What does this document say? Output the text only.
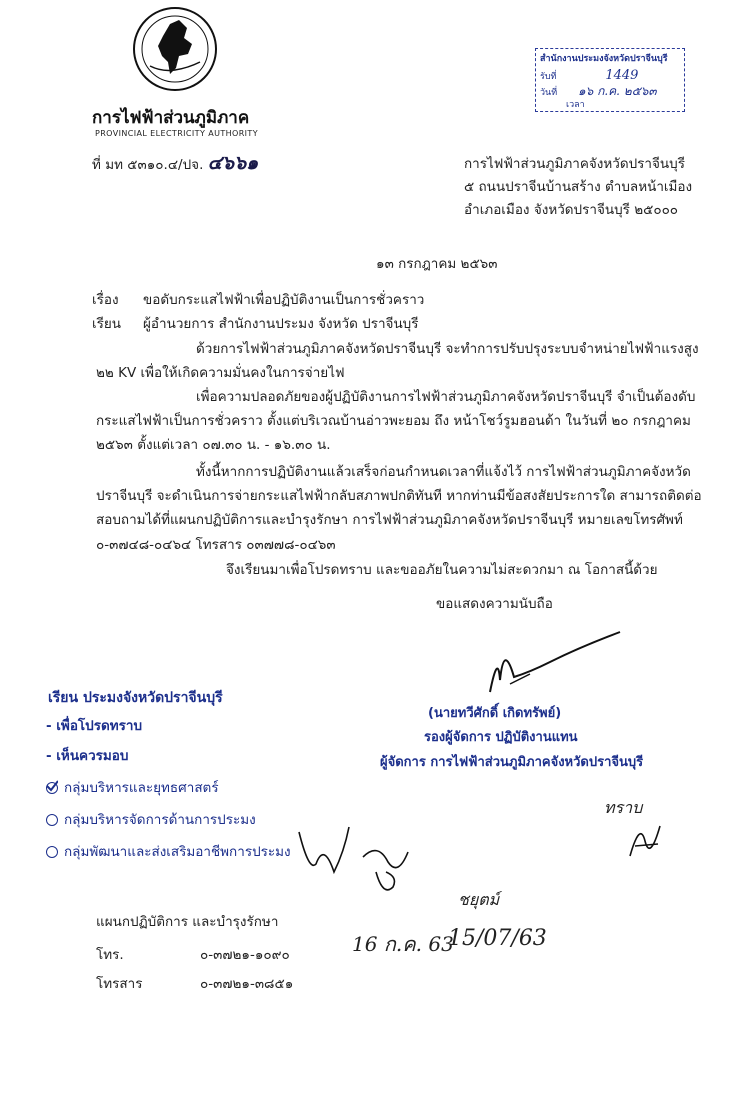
การไฟฟ้าส่วนภูมิภาค
PROVINCIAL ELECTRICITY AUTHORITY
ที่ มท ๕๓๑๐.๔/ปจ. ๔๖๖๑
สำนักงานประมงจังหวัดปราจีนบุรี
รับที่	1449
วันที่ ๑๖ ก.ค. ๒๕๖๓
เวลา
การไฟฟ้าส่วนภูมิภาคจังหวัดปราจีนบุรี
๕ ถนนปราจีนบ้านสร้าง ตำบลหน้าเมือง
อำเภอเมือง จังหวัดปราจีนบุรี ๒๕๐๐๐
๑๓ กรกฎาคม ๒๕๖๓
เรื่อง ขอดับกระแสไฟฟ้าเพื่อปฏิบัติงานเป็นการชั่วคราว
เรียน ผู้อำนวยการ สำนักงานประมง จังหวัด ปราจีนบุรี
ด้วยการไฟฟ้าส่วนภูมิภาคจังหวัดปราจีนบุรี จะทำการปรับปรุงระบบจำหน่ายไฟฟ้าแรงสูง
๒๒ KV เพื่อให้เกิดความมั่นคงในการจ่ายไฟ
เพื่อความปลอดภัยของผู้ปฏิบัติงานการไฟฟ้าส่วนภูมิภาคจังหวัดปราจีนบุรี จำเป็นต้องดับ
กระแสไฟฟ้าเป็นการชั่วคราว ตั้งแต่บริเวณบ้านอ่าวพะยอม ถึง หน้าโชว์รูมฮอนด้า ในวันที่ ๒๐ กรกฎาคม
๒๕๖๓ ตั้งแต่เวลา ๐๗.๓๐ น. - ๑๖.๓๐ น.
ทั้งนี้หากการปฏิบัติงานแล้วเสร็จก่อนกำหนดเวลาที่แจ้งไว้ การไฟฟ้าส่วนภูมิภาคจังหวัด
ปราจีนบุรี จะดำเนินการจ่ายกระแสไฟฟ้ากลับสภาพปกติทันที หากท่านมีข้อสงสัยประการใด สามารถติดต่อ
สอบถามได้ที่แผนกปฏิบัติการและบำรุงรักษา การไฟฟ้าส่วนภูมิภาคจังหวัดปราจีนบุรี หมายเลขโทรศัพท์
๐-๓๗๔๘-๐๔๖๔ โทรสาร ๐๓๗๗๘-๐๔๖๓
จึงเรียนมาเพื่อโปรดทราบ และขออภัยในความไม่สะดวกมา ณ โอกาสนี้ด้วย
ขอแสดงความนับถือ
(นายทวีศักดิ์ เกิดทรัพย์)
รองผู้จัดการ ปฏิบัติงานแทน
ผู้จัดการ การไฟฟ้าส่วนภูมิภาคจังหวัดปราจีนบุรี
เรียน ประมงจังหวัดปราจีนบุรี
- เพื่อโปรดทราบ
- เห็นควรมอบ
กลุ่มบริหารและยุทธศาสตร์
กลุ่มบริหารจัดการด้านการประมง
กลุ่มพัฒนาและส่งเสริมอาชีพการประมง
ทราบ
ชยุตม์
16 ก.ค. 63
15/07/63
แผนกปฏิบัติการ และบำรุงรักษา
โทร.	๐-๓๗๒๑-๑๐๙๐
โทรสาร	๐-๓๗๒๑-๓๘๕๑
